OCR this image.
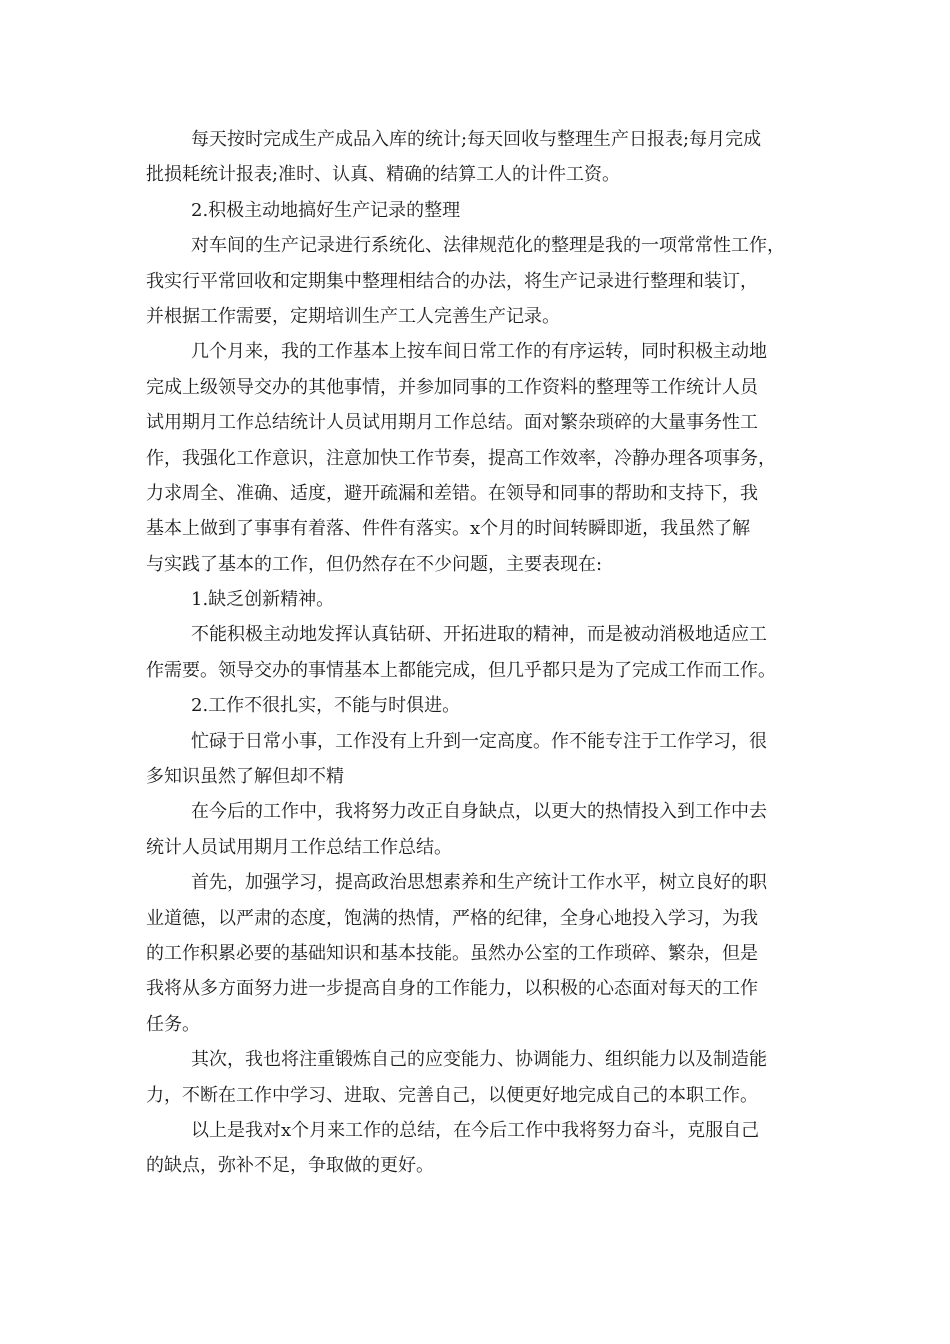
每天按时完成生产成品入库的统计;每天回收与整理生产日报表;每月完成
批损耗统计报表;准时、认真、精确的结算工人的计件工资。
2.积极主动地搞好生产记录的整理
对车间的生产记录进行系统化、法律规范化的整理是我的一项常常性工作，
我实行平常回收和定期集中整理相结合的办法，将生产记录进行整理和装订，
并根据工作需要，定期培训生产工人完善生产记录。
几个月来，我的工作基本上按车间日常工作的有序运转，同时积极主动地
完成上级领导交办的其他事情，并参加同事的工作资料的整理等工作统计人员
试用期月工作总结统计人员试用期月工作总结。面对繁杂琐碎的大量事务性工
作，我强化工作意识，注意加快工作节奏，提高工作效率，冷静办理各项事务，
力求周全、准确、适度，避开疏漏和差错。在领导和同事的帮助和支持下，我
基本上做到了事事有着落、件件有落实。x个月的时间转瞬即逝，我虽然了解
与实践了基本的工作，但仍然存在不少问题，主要表现在:
1.缺乏创新精神。
不能积极主动地发挥认真钻研、开拓进取的精神，而是被动消极地适应工
作需要。领导交办的事情基本上都能完成，但几乎都只是为了完成工作而工作。
2.工作不很扎实，不能与时俱进。
忙碌于日常小事，工作没有上升到一定高度。作不能专注于工作学习，很
多知识虽然了解但却不精
在今后的工作中，我将努力改正自身缺点，以更大的热情投入到工作中去
统计人员试用期月工作总结工作总结。
首先，加强学习，提高政治思想素养和生产统计工作水平，树立良好的职
业道德，以严肃的态度，饱满的热情，严格的纪律，全身心地投入学习，为我
的工作积累必要的基础知识和基本技能。虽然办公室的工作琐碎、繁杂，但是
我将从多方面努力进一步提高自身的工作能力，以积极的心态面对每天的工作
任务。
其次，我也将注重锻炼自己的应变能力、协调能力、组织能力以及制造能
力，不断在工作中学习、进取、完善自己，以便更好地完成自己的本职工作。
以上是我对x个月来工作的总结，在今后工作中我将努力奋斗，克服自己
的缺点，弥补不足，争取做的更好。
